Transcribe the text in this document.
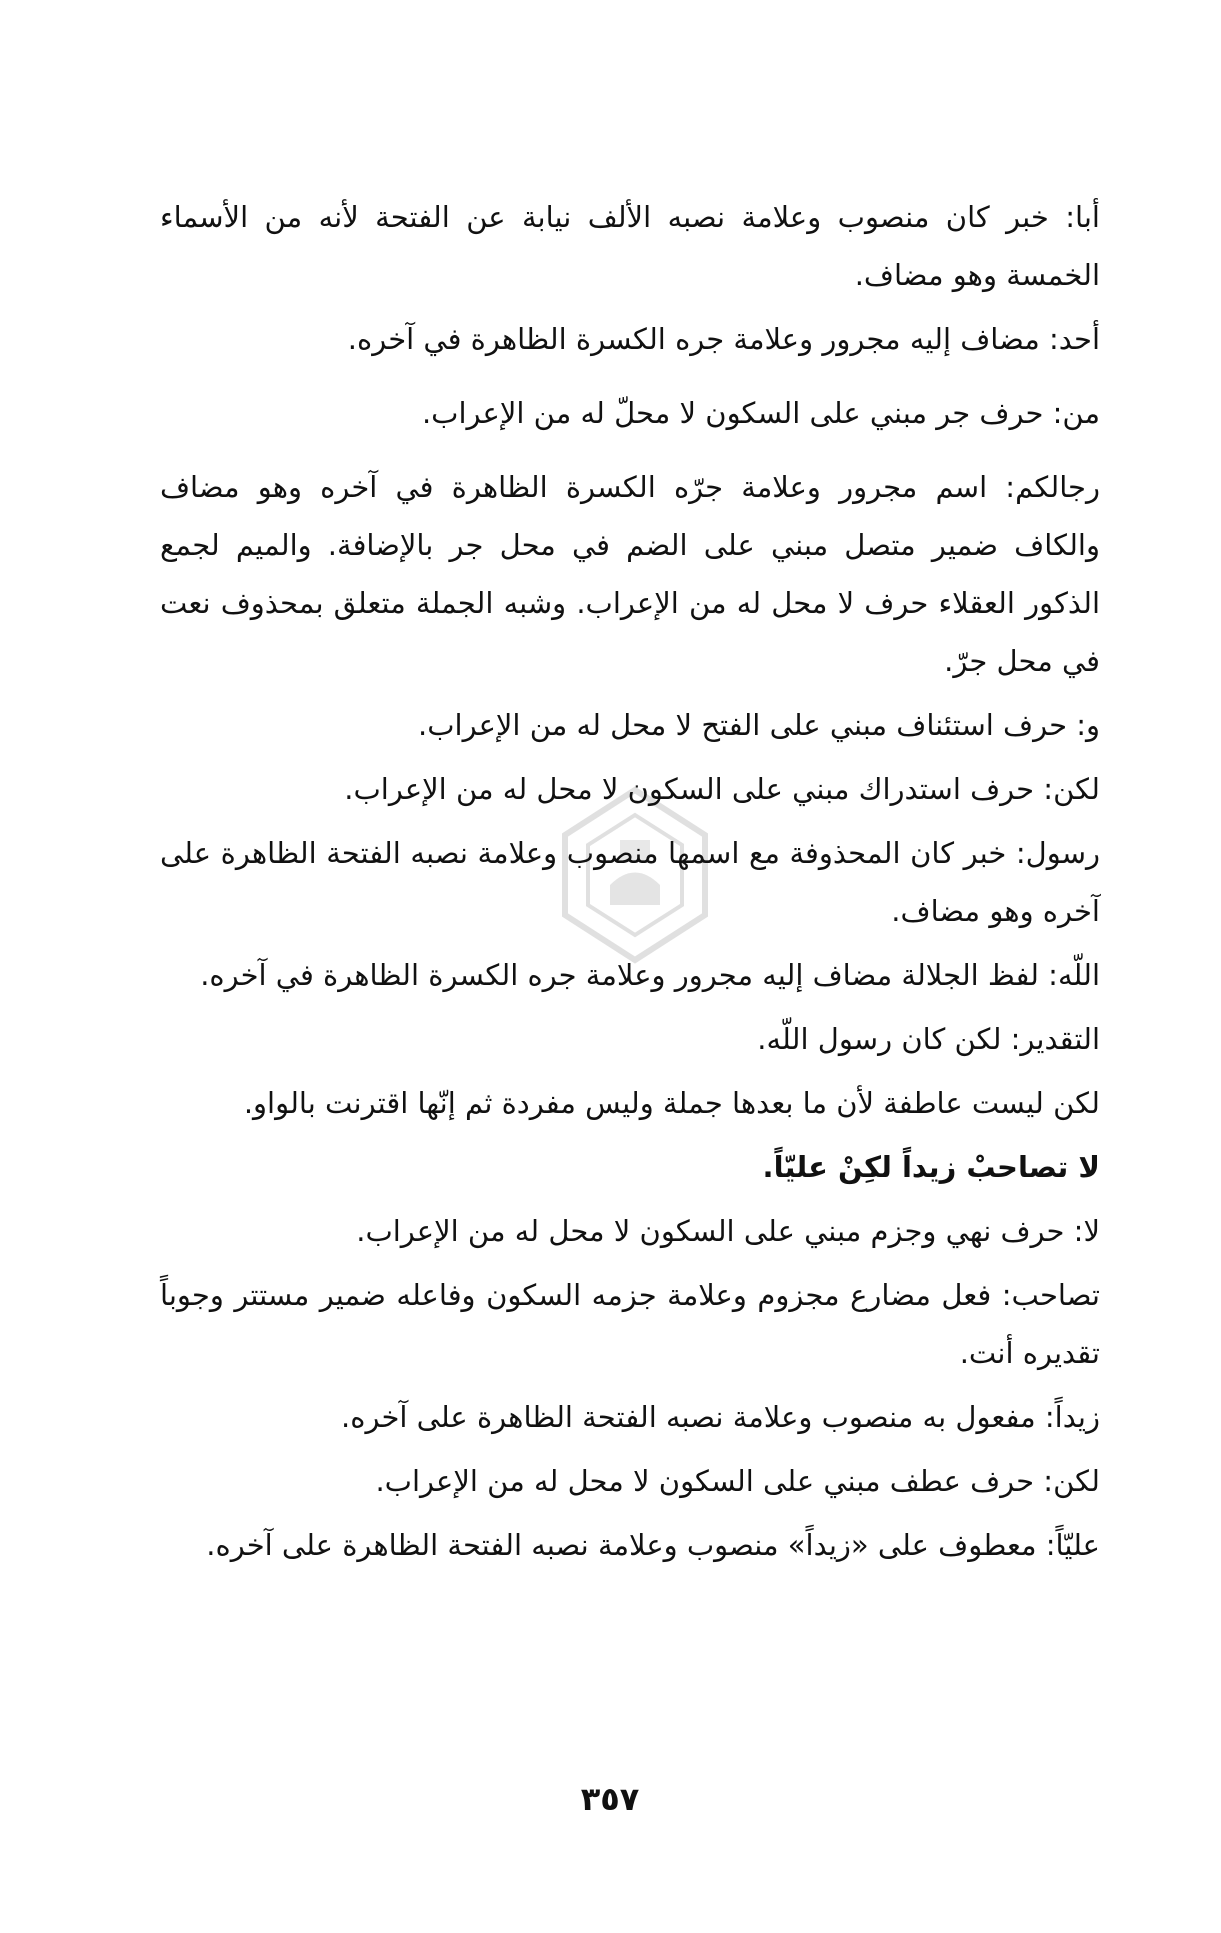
أبا: خبر كان منصوب وعلامة نصبه الألف نيابة عن الفتحة لأنه من الأسماء الخمسة وهو مضاف.

أحد: مضاف إليه مجرور وعلامة جره الكسرة الظاهرة في آخره.

من: حرف جر مبني على السكون لا محلّ له من الإعراب.

رجالكم: اسم مجرور وعلامة جرّه الكسرة الظاهرة في آخره وهو مضاف والكاف ضمير متصل مبني على الضم في محل جر بالإضافة. والميم لجمع الذكور العقلاء حرف لا محل له من الإعراب. وشبه الجملة متعلق بمحذوف نعت في محل جرّ.

و: حرف استئناف مبني على الفتح لا محل له من الإعراب.

لكن: حرف استدراك مبني على السكون لا محل له من الإعراب.

رسول: خبر كان المحذوفة مع اسمها منصوب وعلامة نصبه الفتحة الظاهرة على آخره وهو مضاف.

اللّه: لفظ الجلالة مضاف إليه مجرور وعلامة جره الكسرة الظاهرة في آخره.

التقدير: لكن كان رسول اللّه.

لكن ليست عاطفة لأن ما بعدها جملة وليس مفردة ثم إنّها اقترنت بالواو.

لا تصاحبْ زيداً لكِنْ عليّاً.

لا: حرف نهي وجزم مبني على السكون لا محل له من الإعراب.

تصاحب: فعل مضارع مجزوم وعلامة جزمه السكون وفاعله ضمير مستتر وجوباً تقديره أنت.

زيداً: مفعول به منصوب وعلامة نصبه الفتحة الظاهرة على آخره.

لكن: حرف عطف مبني على السكون لا محل له من الإعراب.

عليّاً: معطوف على «زيداً» منصوب وعلامة نصبه الفتحة الظاهرة على آخره.

٣٥٧
